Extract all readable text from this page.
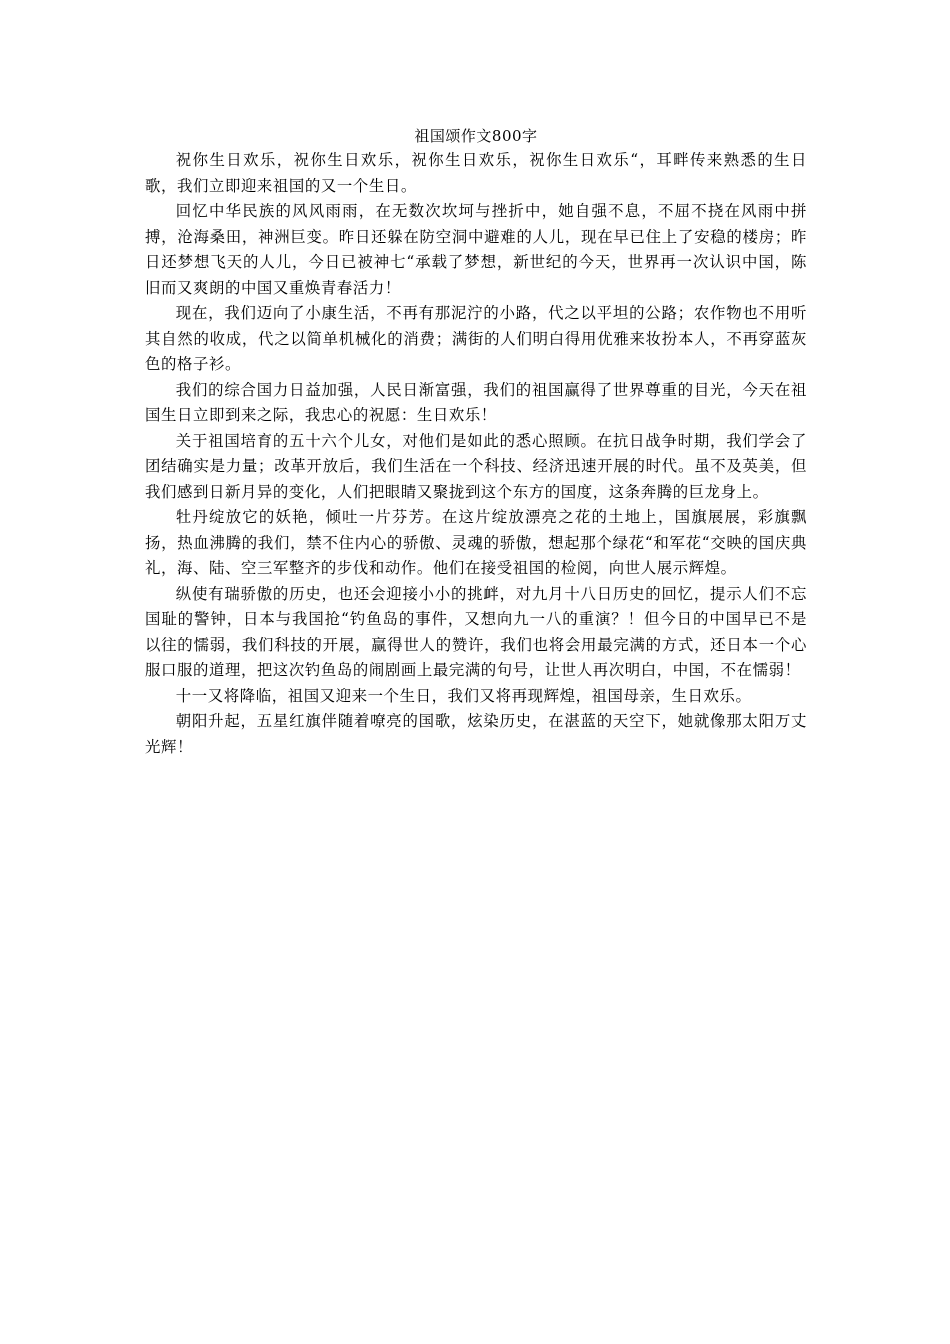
祖国颂作文800字

祝你生日欢乐，祝你生日欢乐，祝你生日欢乐，祝你生日欢乐“，耳畔传来熟悉的生日歌，我们立即迎来祖国的又一个生日。

回忆中华民族的风风雨雨，在无数次坎坷与挫折中，她自强不息，不屈不挠在风雨中拼搏，沧海桑田，神洲巨变。昨日还躲在防空洞中避难的人儿，现在早已住上了安稳的楼房；昨日还梦想飞天的人儿，今日已被神七“承载了梦想，新世纪的今天，世界再一次认识中国，陈旧而又爽朗的中国又重焕青春活力！

现在，我们迈向了小康生活，不再有那泥泞的小路，代之以平坦的公路；农作物也不用听其自然的收成，代之以简单机械化的消费；满街的人们明白得用优雅来妆扮本人，不再穿蓝灰色的格子衫。

我们的综合国力日益加强，人民日渐富强，我们的祖国赢得了世界尊重的目光，今天在祖国生日立即到来之际，我忠心的祝愿：生日欢乐！

关于祖国培育的五十六个儿女，对他们是如此的悉心照顾。在抗日战争时期，我们学会了团结确实是力量；改革开放后，我们生活在一个科技、经济迅速开展的时代。虽不及英美，但我们感到日新月异的变化，人们把眼睛又聚拢到这个东方的国度，这条奔腾的巨龙身上。

牡丹绽放它的妖艳，倾吐一片芬芳。在这片绽放漂亮之花的土地上，国旗展展，彩旗飘扬，热血沸腾的我们，禁不住内心的骄傲、灵魂的骄傲，想起那个绿花“和军花“交映的国庆典礼，海、陆、空三军整齐的步伐和动作。他们在接受祖国的检阅，向世人展示辉煌。

纵使有瑞骄傲的历史，也还会迎接小小的挑衅，对九月十八日历史的回忆，提示人们不忘国耻的警钟，日本与我国抢“钓鱼岛的事件，又想向九一八的重演？！但今日的中国早已不是以往的懦弱，我们科技的开展，赢得世人的赞许，我们也将会用最完满的方式，还日本一个心服口服的道理，把这次钓鱼岛的闹剧画上最完满的句号，让世人再次明白，中国，不在懦弱！

十一又将降临，祖国又迎来一个生日，我们又将再现辉煌，祖国母亲，生日欢乐。

朝阳升起，五星红旗伴随着嘹亮的国歌，炫染历史，在湛蓝的天空下，她就像那太阳万丈光辉！
